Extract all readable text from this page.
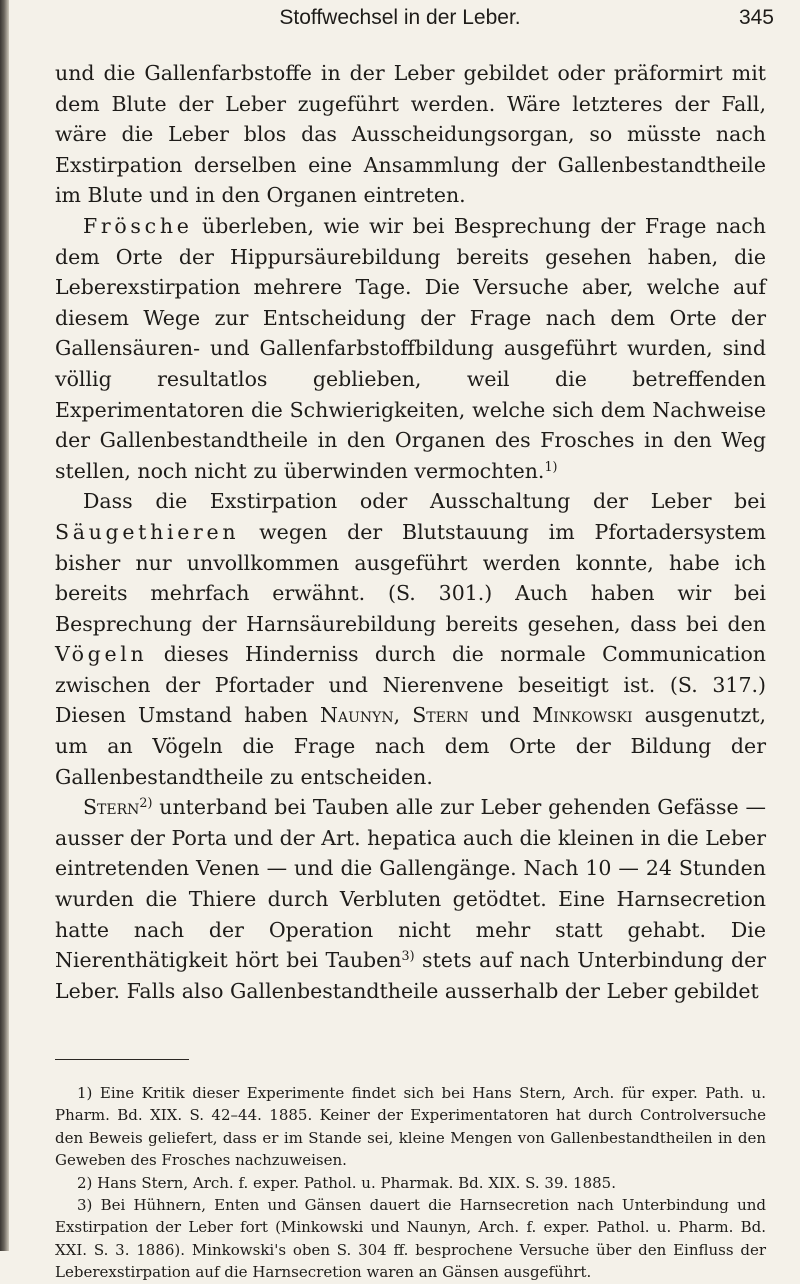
Stoffwechsel in der Leber.	345

und die Gallenfarbstoffe in der Leber gebildet oder präformirt mit dem Blute der Leber zugeführt werden. Wäre letzteres der Fall, wäre die Leber blos das Ausscheidungsorgan, so müsste nach Exstirpation derselben eine Ansammlung der Gallenbestandtheile im Blute und in den Organen eintreten.

Frösche überleben, wie wir bei Besprechung der Frage nach dem Orte der Hippursäurebildung bereits gesehen haben, die Leberexstirpation mehrere Tage. Die Versuche aber, welche auf diesem Wege zur Entscheidung der Frage nach dem Orte der Gallensäuren- und Gallenfarbstoffbildung ausgeführt wurden, sind völlig resultatlos geblieben, weil die betreffenden Experimentatoren die Schwierigkeiten, welche sich dem Nachweise der Gallenbestandtheile in den Organen des Frosches in den Weg stellen, noch nicht zu überwinden vermochten.$^{1)}$

Dass die Exstirpation oder Ausschaltung der Leber bei Säugethieren wegen der Blutstauung im Pfortadersystem bisher nur unvollkommen ausgeführt werden konnte, habe ich bereits mehrfach erwähnt. (S. 301.) Auch haben wir bei Besprechung der Harnsäurebildung bereits gesehen, dass bei den Vögeln dieses Hinderniss durch die normale Communication zwischen der Pfortader und Nierenvene beseitigt ist. (S. 317.) Diesen Umstand haben Naunyn, Stern und Minkowski ausgenutzt, um an Vögeln die Frage nach dem Orte der Bildung der Gallenbestandtheile zu entscheiden.

Stern$^{2)}$ unterband bei Tauben alle zur Leber gehenden Gefässe — ausser der Porta und der Art. hepatica auch die kleinen in die Leber eintretenden Venen — und die Gallengänge. Nach 10 — 24 Stunden wurden die Thiere durch Verbluten getödtet. Eine Harnsecretion hatte nach der Operation nicht mehr statt gehabt. Die Nierenthätigkeit hört bei Tauben$^{3)}$ stets auf nach Unterbindung der Leber. Falls also Gallenbestandtheile ausserhalb der Leber gebildet

1) Eine Kritik dieser Experimente findet sich bei Hans Stern, Arch. für exper. Path. u. Pharm. Bd. XIX. S. 42–44. 1885. Keiner der Experimentatoren hat durch Controlversuche den Beweis geliefert, dass er im Stande sei, kleine Mengen von Gallenbestandtheilen in den Geweben des Frosches nachzuweisen.

2) Hans Stern, Arch. f. exper. Pathol. u. Pharmak. Bd. XIX. S. 39. 1885.

3) Bei Hühnern, Enten und Gänsen dauert die Harnsecretion nach Unterbindung und Exstirpation der Leber fort (Minkowski und Naunyn, Arch. f. exper. Pathol. u. Pharm. Bd. XXI. S. 3. 1886). Minkowski's oben S. 304 ff. besprochene Versuche über den Einfluss der Leberexstirpation auf die Harnsecretion waren an Gänsen ausgeführt.
